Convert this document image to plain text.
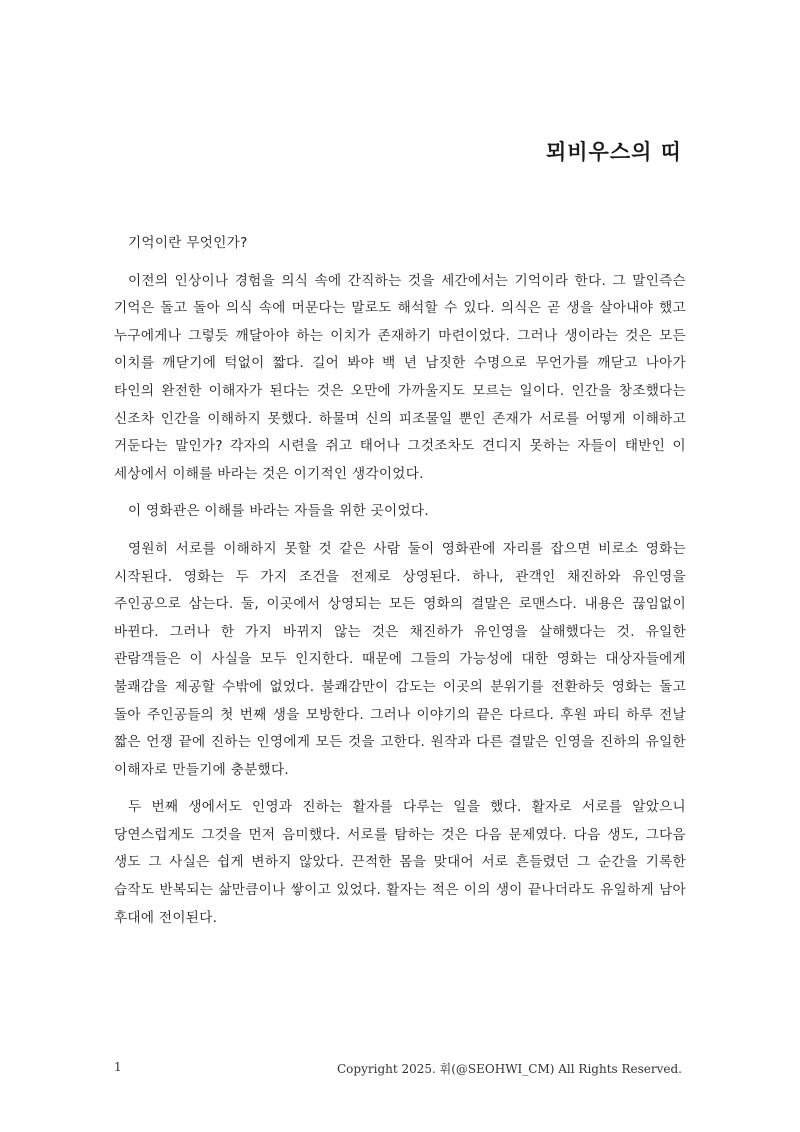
뫼비우스의 띠

기억이란 무엇인가?

이전의 인상이나 경험을 의식 속에 간직하는 것을 세간에서는 기억이라 한다. 그 말인즉슨 기억은 돌고 돌아 의식 속에 머문다는 말로도 해석할 수 있다. 의식은 곧 생을 살아내야 했고 누구에게나 그렇듯 깨달아야 하는 이치가 존재하기 마련이었다. 그러나 생이라는 것은 모든 이치를 깨닫기에 턱없이 짧다. 길어 봐야 백 년 남짓한 수명으로 무언가를 깨닫고 나아가 타인의 완전한 이해자가 된다는 것은 오만에 가까울지도 모르는 일이다. 인간을 창조했다는 신조차 인간을 이해하지 못했다. 하물며 신의 피조물일 뿐인 존재가 서로를 어떻게 이해하고 거둔다는 말인가? 각자의 시련을 쥐고 태어나 그것조차도 견디지 못하는 자들이 태반인 이 세상에서 이해를 바라는 것은 이기적인 생각이었다.

이 영화관은 이해를 바라는 자들을 위한 곳이었다.

영원히 서로를 이해하지 못할 것 같은 사람 둘이 영화관에 자리를 잡으면 비로소 영화는 시작된다. 영화는 두 가지 조건을 전제로 상영된다. 하나, 관객인 채진하와 유인영을 주인공으로 삼는다. 둘, 이곳에서 상영되는 모든 영화의 결말은 로맨스다. 내용은 끊임없이 바뀐다. 그러나 한 가지 바뀌지 않는 것은 채진하가 유인영을 살해했다는 것. 유일한 관람객들은 이 사실을 모두 인지한다. 때문에 그들의 가능성에 대한 영화는 대상자들에게 불쾌감을 제공할 수밖에 없었다. 불쾌감만이 감도는 이곳의 분위기를 전환하듯 영화는 돌고 돌아 주인공들의 첫 번째 생을 모방한다. 그러나 이야기의 끝은 다르다. 후원 파티 하루 전날 짧은 언쟁 끝에 진하는 인영에게 모든 것을 고한다. 원작과 다른 결말은 인영을 진하의 유일한 이해자로 만들기에 충분했다.

두 번째 생에서도 인영과 진하는 활자를 다루는 일을 했다. 활자로 서로를 알았으니 당연스럽게도 그것을 먼저 음미했다. 서로를 탐하는 것은 다음 문제였다. 다음 생도, 그다음 생도 그 사실은 쉽게 변하지 않았다. 끈적한 몸을 맞대어 서로 흔들렸던 그 순간을 기록한 습작도 반복되는 삶만큼이나 쌓이고 있었다. 활자는 적은 이의 생이 끝나더라도 유일하게 남아 후대에 전이된다.

1	Copyright 2025. 휘(@SEOHWI_CM) All Rights Reserved.
